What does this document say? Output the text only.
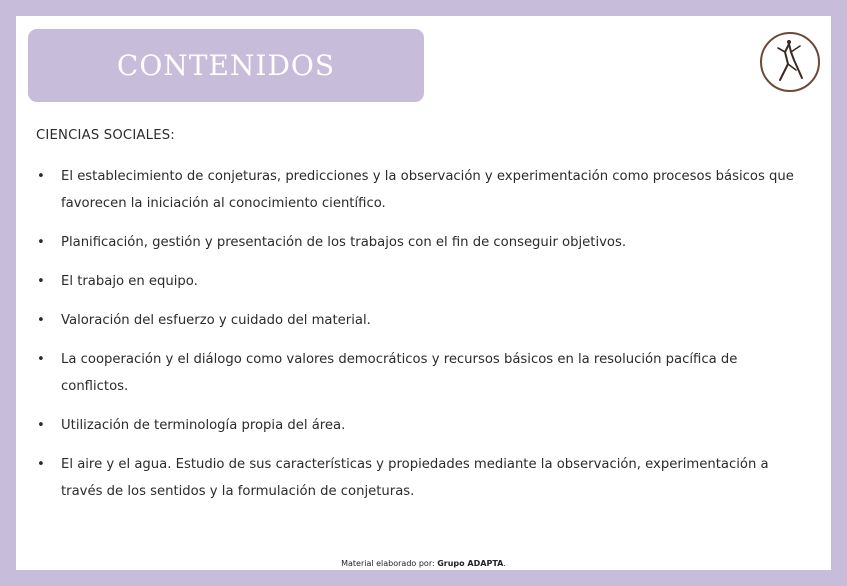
CONTENIDOS
CIENCIAS SOCIALES:
• El establecimiento de conjeturas, predicciones y la observación y experimentación como procesos básicos que favorecen la iniciación al conocimiento científico.
• Planificación, gestión y presentación de los trabajos con el fin de conseguir objetivos.
• El trabajo en equipo.
• Valoración del esfuerzo y cuidado del material.
• La cooperación y el diálogo como valores democráticos y recursos básicos en la resolución pacífica de conflictos.
• Utilización de terminología propia del área.
• El aire y el agua. Estudio de sus características y propiedades mediante la observación, experimentación a través de los sentidos y la formulación de conjeturas.
Material elaborado por: Grupo ADAPTA.
